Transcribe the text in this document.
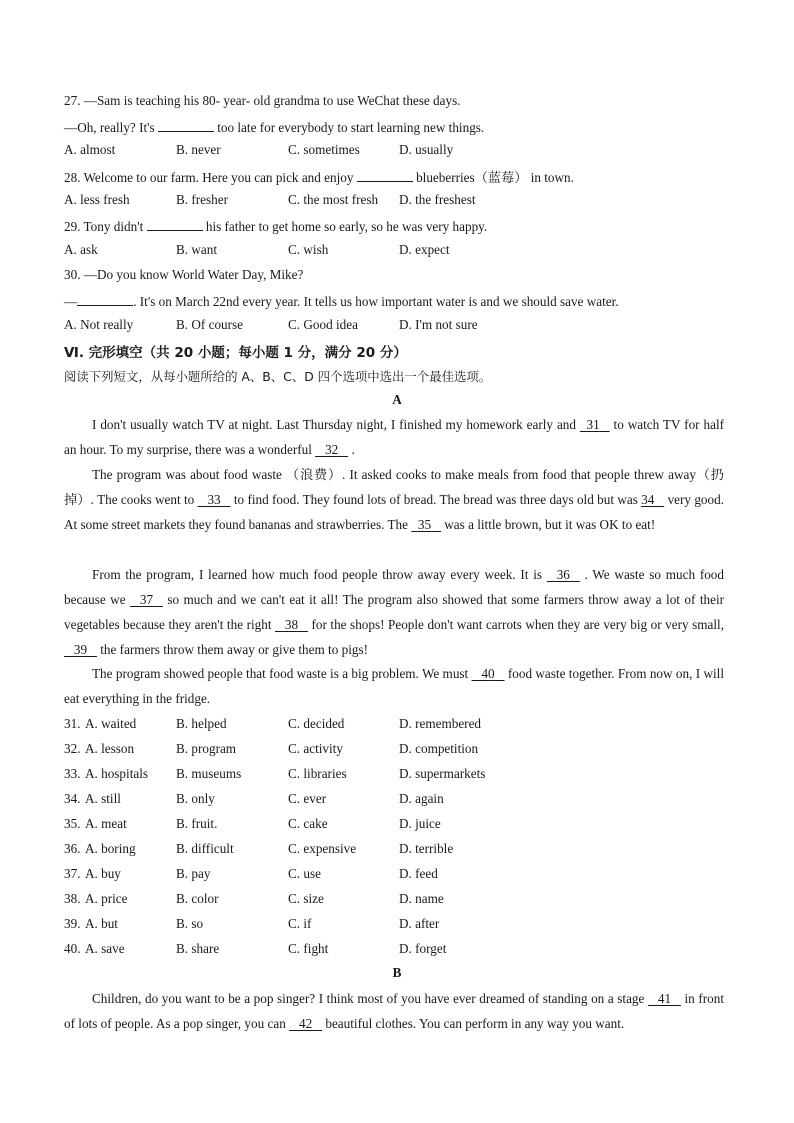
27. —Sam is teaching his 80- year- old grandma to use WeChat these days.
—Oh, really? It's	too late for everybody to start learning new things.
A. almost	B. never	C. sometimes	D. usually
28. Welcome to our farm. Here you can pick and enjoy	blueberries（蓝莓） in town.
A. less fresh	B. fresher	C. the most fresh D. the freshest
29. Tony didn't	his father to get home so early, so he was very happy.
A. ask	B. want	C. wish	D. expect
30. —Do you know World Water Day, Mike?
—	. It's on March 22nd every year. It tells us how important water is and we should save water.
A. Not really	B. Of course	C. Good idea	D. I'm not sure
Ⅵ. 完形填空（共 20 小题；每小题 1 分，满分 20 分）
阅读下列短文，从每小题所给的 A、B、C、D 四个选项中选出一个最佳选项。
A
I don't usually watch TV at night. Last Thursday night, I finished my homework early and   31    to watch TV for half an hour. To my surprise, there was a wonderful    32    .
The program was about food waste （浪费）. It asked cooks to make meals from food that people threw away（扔掉）. The cooks went to    33    to find food. They found lots of bread. The bread was three days old but was 34    very good. At some street markets they found bananas and strawberries. The   35    was a little brown, but it was OK to eat!
From the program, I learned how much food people throw away every week. It is    36    . We waste so much food because we    37    so much and we can't eat it all! The program also showed that some farmers throw away a lot of their vegetables because they aren't the right    38    for the shops! People don't want carrots when they are very big or very small,    39    the farmers throw them away or give them to pigs!
The program showed people that food waste is a big problem. We must    40    food waste together. From now on, I will eat everything in the fridge.
31. A. waited	B. helped	C. decided	D. remembered
32. A. lesson	B. program	C. activity	D. competition
33. A. hospitals B. museums	C. libraries	D. supermarkets
34. A. still	B. only	C. ever	D. again
35. A. meat	B. fruit.	C. cake	D. juice
36. A. boring	B. difficult	C. expensive	D. terrible
37. A. buy	B. pay	C. use	D. feed
38. A. price	B. color	C. size	D. name
39. A. but	B. so	C. if	D. after
40. A. save	B. share	C. fight	D. forget
B
Children, do you want to be a pop singer? I think most of you have ever dreamed of standing on a stage    41    in front of lots of people. As a pop singer, you can    42    beautiful clothes. You can perform in any way you want.
